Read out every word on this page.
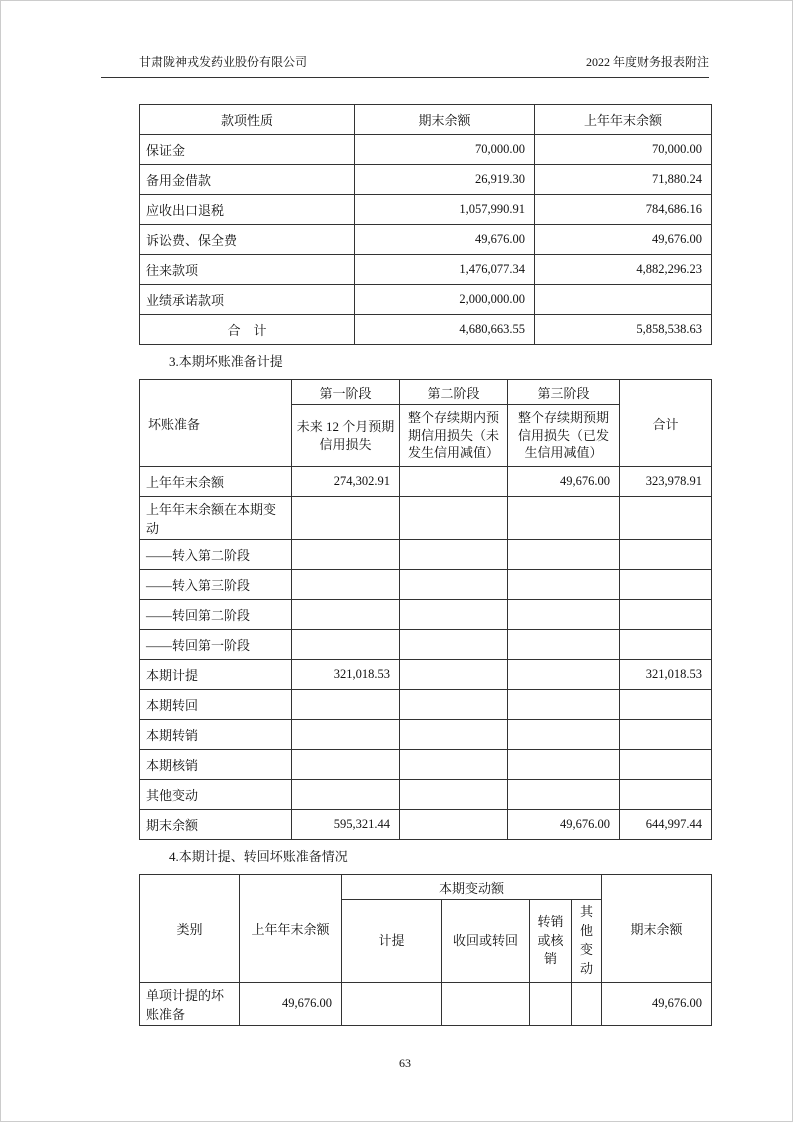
甘肃陇神戎发药业股份有限公司	2022 年度财务报表附注
款项性质	期末余额	上年年末余额
保证金	70,000.00	70,000.00
备用金借款	26,919.30	71,880.24
应收出口退税	1,057,990.91	784,686.16
诉讼费、保全费	49,676.00	49,676.00
往来款项	1,476,077.34	4,882,296.23
业绩承诺款项	2,000,000.00	
合　计	4,680,663.55	5,858,538.63

3.本期坏账准备计提

坏账准备	第一阶段	第二阶段	第三阶段	合计
	未来 12 个月预期信用损失	整个存续期内预期信用损失（未发生信用减值）	整个存续期预期信用损失（已发生信用减值）	
上年年末余额	274,302.91		49,676.00	323,978.91
上年年末余额在本期变动				
——转入第二阶段				
——转入第三阶段				
——转回第二阶段				
——转回第一阶段				
本期计提	321,018.53			321,018.53
本期转回				
本期转销				
本期核销				
其他变动				
期末余额	595,321.44		49,676.00	644,997.44

4.本期计提、转回坏账准备情况

类别	上年年末余额	本期变动额				期末余额
		计提	收回或转回	转销或核销	其他变动	
单项计提的坏账准备	49,676.00					49,676.00
63
